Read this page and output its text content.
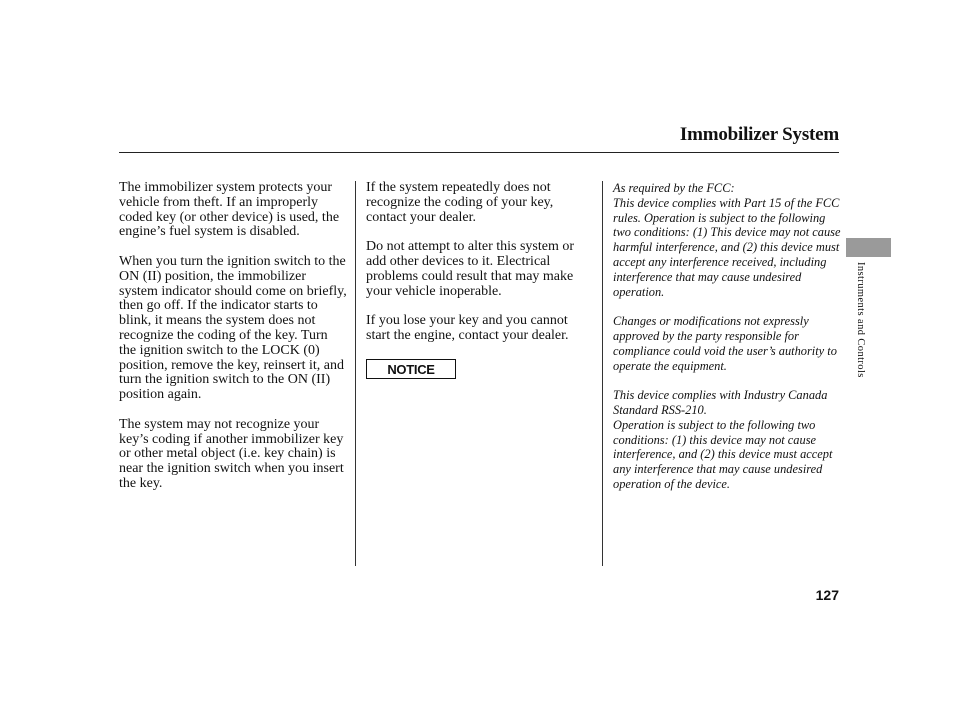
Immobilizer System

The immobilizer system protects your vehicle from theft. If an improperly coded key (or other device) is used, the engine’s fuel system is disabled.

When you turn the ignition switch to the ON (II) position, the immobilizer system indicator should come on briefly, then go off. If the indicator starts to blink, it means the system does not recognize the coding of the key. Turn the ignition switch to the LOCK (0) position, remove the key, reinsert it, and turn the ignition switch to the ON (II) position again.

The system may not recognize your key’s coding if another immobilizer key or other metal object (i.e. key chain) is near the ignition switch when you insert the key.

If the system repeatedly does not recognize the coding of your key, contact your dealer.

Do not attempt to alter this system or add other devices to it. Electrical problems could result that may make your vehicle inoperable.

If you lose your key and you cannot start the engine, contact your dealer.

NOTICE
As required by the FCC:

This device complies with Part 15 of the FCC rules. Operation is subject to the following two conditions: (1) This device may not cause harmful interference, and (2) this device must accept any interference received, including interference that may cause undesired operation.

Changes or modifications not expressly approved by the party responsible for compliance could void the user’s authority to operate the equipment.

This device complies with Industry Canada Standard RSS-210.

Operation is subject to the following two conditions: (1) this device may not cause interference, and (2) this device must accept any interference that may cause undesired operation of the device.

Instruments and Controls
127
